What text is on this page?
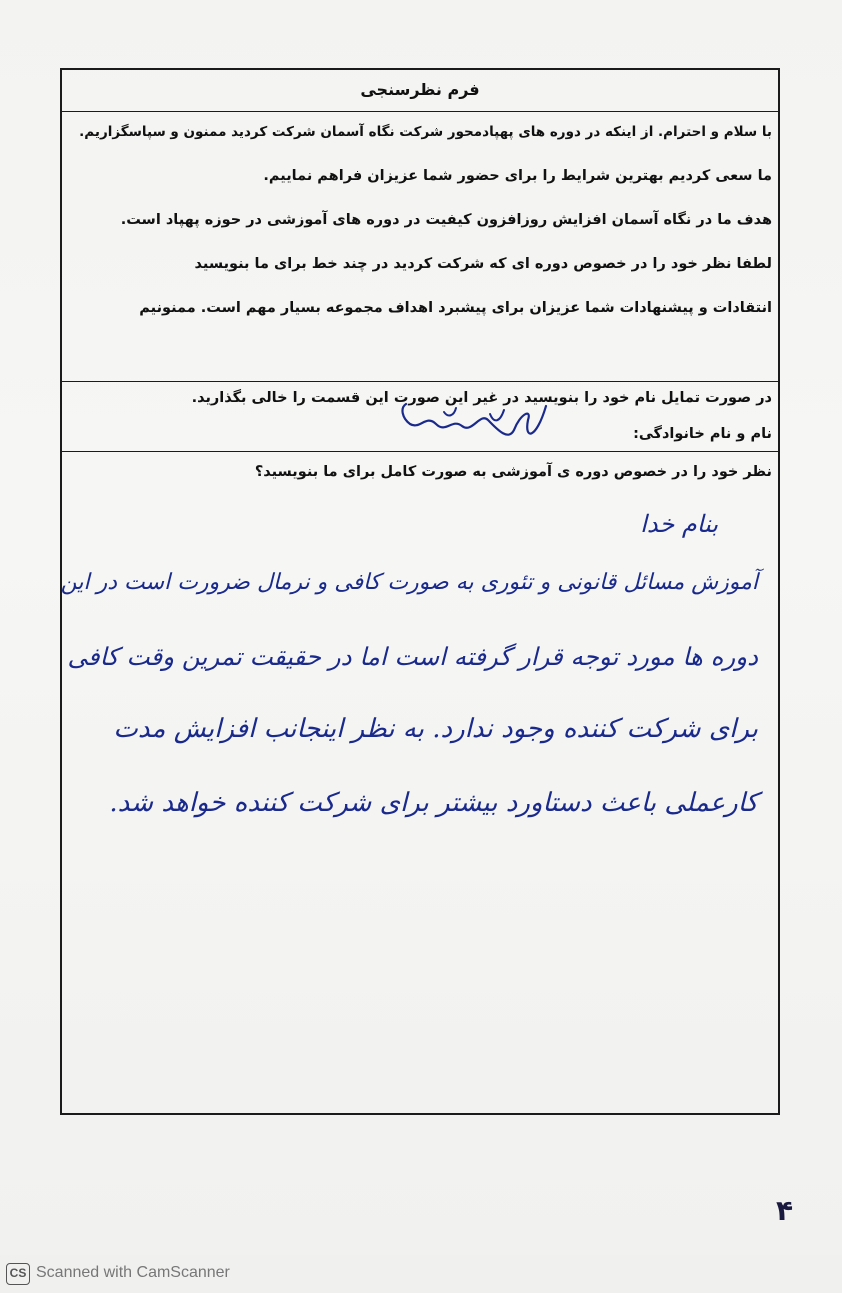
فرم نظرسنجی
با سلام و احترام. از اینکه در دوره های پهپادمحور شرکت نگاه آسمان شرکت کردید ممنون و سپاسگزاریم.
ما سعی کردیم بهترین شرایط را برای حضور شما عزیزان فراهم نماییم.
هدف ما در نگاه آسمان افزایش روزافزون کیفیت در دوره های آموزشی در حوزه پهپاد است.
لطفا نظر خود را در خصوص دوره ای که شرکت کردید در چند خط برای ما بنویسید
انتقادات و پیشنهادات شما عزیزان برای پیشبرد اهداف مجموعه بسیار مهم است. ممنونیم
در صورت تمایل نام خود را بنویسید در غیر این صورت این قسمت را خالی بگذارید.
نام و نام خانوادگی:
نظر خود را در خصوص دوره ی آموزشی به صورت کامل برای ما بنویسید؟
بنام خدا
آموزش مسائل قانونی و تئوری به صورت کافی و نرمال ضرورت است در این
دوره ها مورد توجه قرار گرفته است اما در حقیقت تمرین وقت کافی
برای شرکت کننده وجود ندارد. به نظر اینجانب افزایش مدت
کارعملی باعث دستاورد بیشتر برای شرکت کننده خواهد شد.
۴
CS Scanned with CamScanner
